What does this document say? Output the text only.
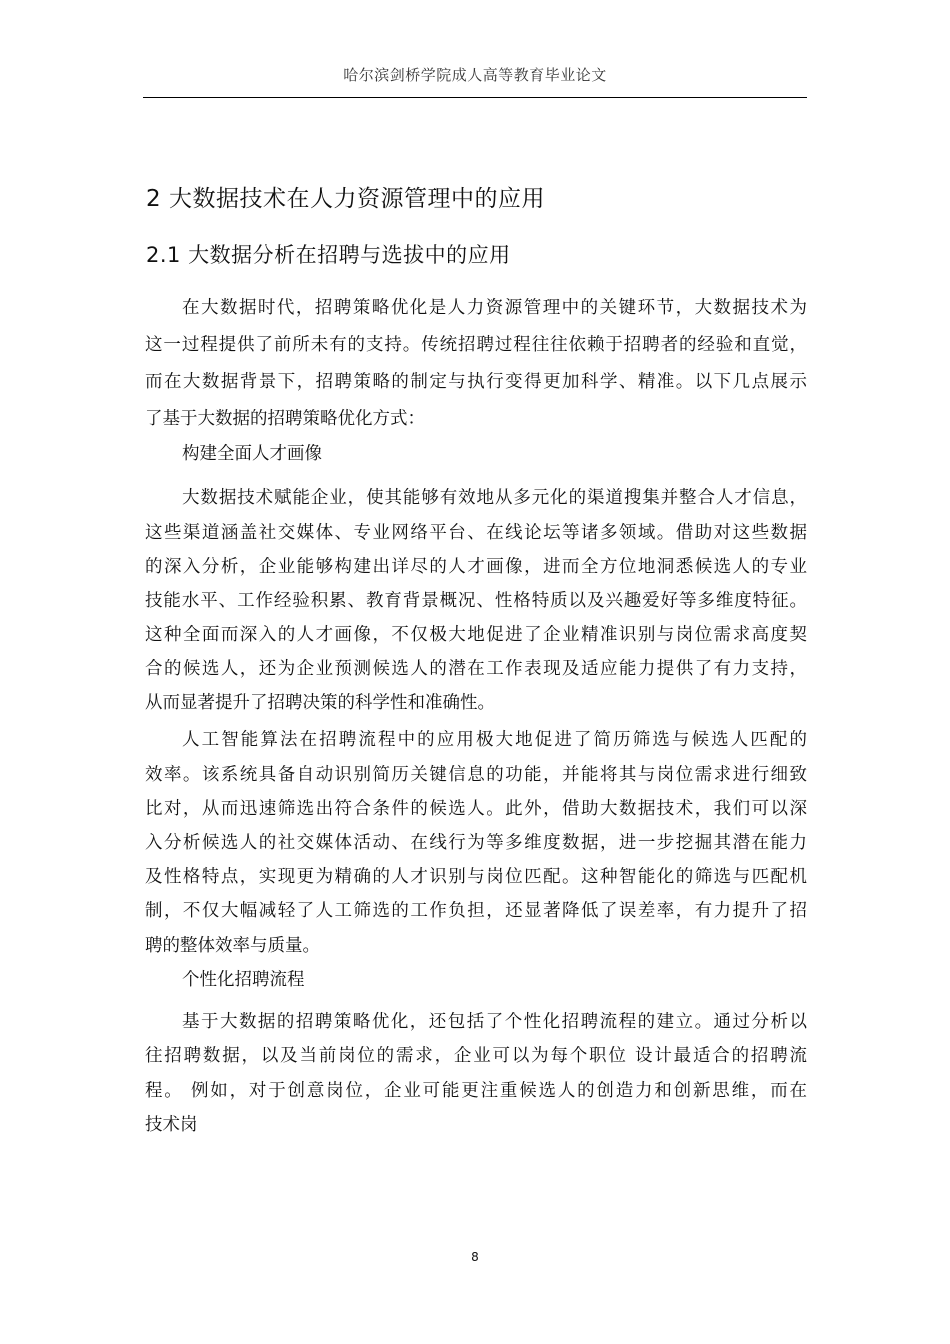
哈尔滨剑桥学院成人高等教育毕业论文
2 大数据技术在人力资源管理中的应用
2.1 大数据分析在招聘与选拔中的应用
在大数据时代，招聘策略优化是人力资源管理中的关键环节，大数据技术为
这一过程提供了前所未有的支持。传统招聘过程往往依赖于招聘者的经验和直觉，
而在大数据背景下，招聘策略的制定与执行变得更加科学、精准。以下几点展示
了基于大数据的招聘策略优化方式：
构建全面人才画像
大数据技术赋能企业，使其能够有效地从多元化的渠道搜集并整合人才信息，
这些渠道涵盖社交媒体、专业网络平台、在线论坛等诸多领域。借助对这些数据
的深入分析，企业能够构建出详尽的人才画像，进而全方位地洞悉候选人的专业
技能水平、工作经验积累、教育背景概况、性格特质以及兴趣爱好等多维度特征。
这种全面而深入的人才画像，不仅极大地促进了企业精准识别与岗位需求高度契
合的候选人，还为企业预测候选人的潜在工作表现及适应能力提供了有力支持，
从而显著提升了招聘决策的科学性和准确性。
人工智能算法在招聘流程中的应用极大地促进了简历筛选与候选人匹配的
效率。该系统具备自动识别简历关键信息的功能，并能将其与岗位需求进行细致
比对，从而迅速筛选出符合条件的候选人。此外，借助大数据技术，我们可以深
入分析候选人的社交媒体活动、在线行为等多维度数据，进一步挖掘其潜在能力
及性格特点，实现更为精确的人才识别与岗位匹配。这种智能化的筛选与匹配机
制，不仅大幅减轻了人工筛选的工作负担，还显著降低了误差率，有力提升了招
聘的整体效率与质量。
个性化招聘流程
基于大数据的招聘策略优化，还包括了个性化招聘流程的建立。通过分析以
往招聘数据，以及当前岗位的需求，企业可以为每个职位 设计最适合的招聘流
程。 例如，对于创意岗位，企业可能更注重候选人的创造力和创新思维，而在
技术岗
8
